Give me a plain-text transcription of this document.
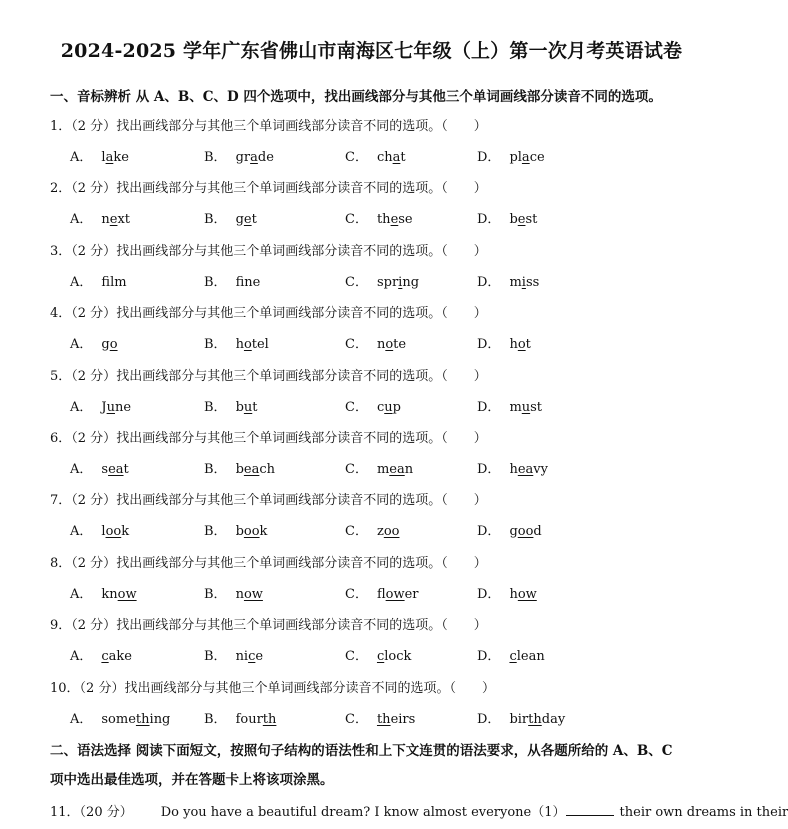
2024-2025 学年广东省佛山市南海区七年级（上）第一次月考英语试卷
一、音标辨析 从 A、B、C、D 四个选项中，找出画线部分与其他三个单词画线部分读音不同的选项。
1．（2 分）找出画线部分与其他三个单词画线部分读音不同的选项。（　　）
A． lake	B． grade	C． chat	D． place
2．（2 分）找出画线部分与其他三个单词画线部分读音不同的选项。（　　）
A． next	B． get	C． these	D． best
3．（2 分）找出画线部分与其他三个单词画线部分读音不同的选项。（　　）
A． flm	B． fne	C． spring	D． miss
4．（2 分）找出画线部分与其他三个单词画线部分读音不同的选项。（　　）
A． go	B． hotel	C． note	D． hot
5．（2 分）找出画线部分与其他三个单词画线部分读音不同的选项。（　　）
A． June	B． but	C． cup	D． must
6．（2 分）找出画线部分与其他三个单词画线部分读音不同的选项。（　　）
A． seat	B． beach	C． mean	D． heavy
7．（2 分）找出画线部分与其他三个单词画线部分读音不同的选项。（　　）
A． look	B． book	C． zoo	D． good
8．（2 分）找出画线部分与其他三个单词画线部分读音不同的选项。（　　）
A． know	B． now	C． flower	D． how
9．（2 分）找出画线部分与其他三个单词画线部分读音不同的选项。（　　）
A． cake	B． nice	C． clock	D． clean
10．（2 分）找出画线部分与其他三个单词画线部分读音不同的选项。（　　）
A． something	B． fourth	C． theirs	D． birthday
二、语法选择 阅读下面短文，按照句子结构的语法性和上下文连贯的语法要求，从各题所给的 A、B、C
项中选出最佳选项，并在答题卡上将该项涂黑。
11．（20 分） Do you have a beautiful dream? I know almost everyone（1）	their own dreams in their
